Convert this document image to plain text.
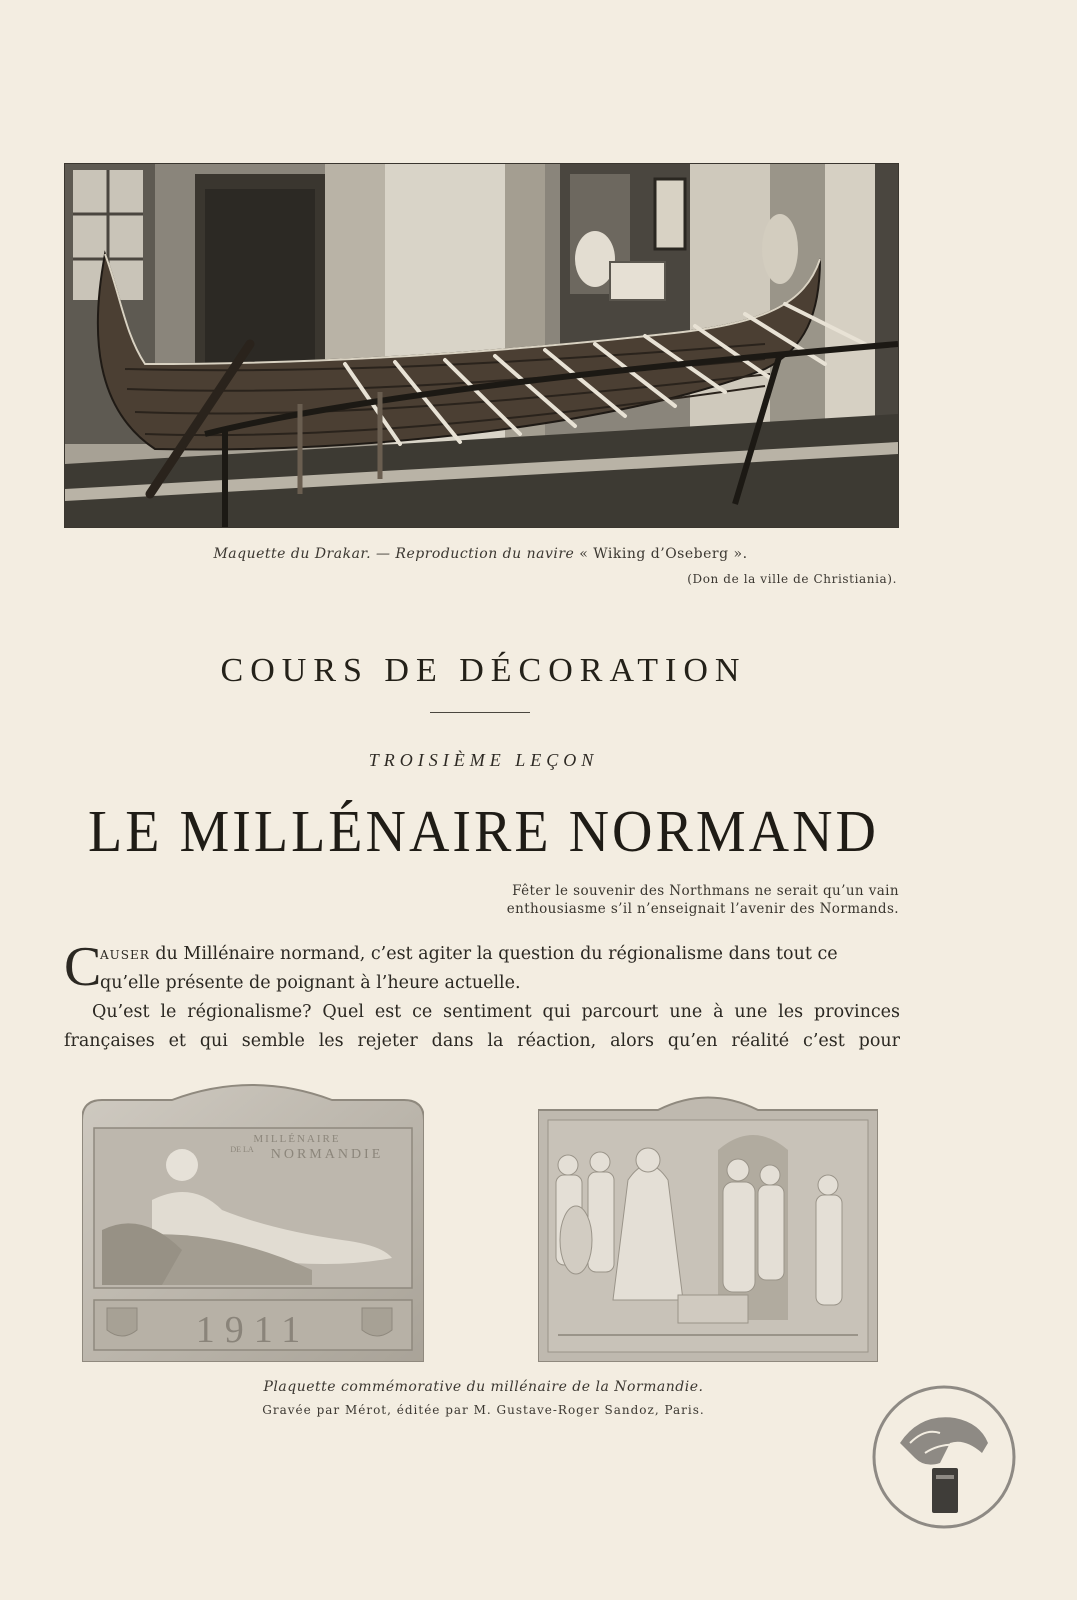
Maquette du Drakar. — Reproduction du navire « Wiking d’Oseberg ».
(Don de la ville de Christiania).
COURS DE DÉCORATION
TROISIÈME LEÇON
LE MILLÉNAIRE NORMAND
Fêter le souvenir des Northmans ne serait qu’un vain
enthousiasme s’il n’enseignait l’avenir des Normands.
C
auser du Millénaire normand, c’est agiter la question du régionalisme dans tout ce qu’elle présente de poignant à l’heure actuelle.
Qu’est le régionalisme? Quel est ce sentiment qui parcourt une à une les provinces françaises et qui semble les rejeter dans la réaction, alors qu’en réalité c’est pour
MILLÉNAIRE
DE LA NORMANDIE
1911
Plaquette commémorative du millénaire de la Normandie.
Gravée par Mérot, éditée par M. Gustave-Roger Sandoz, Paris.
